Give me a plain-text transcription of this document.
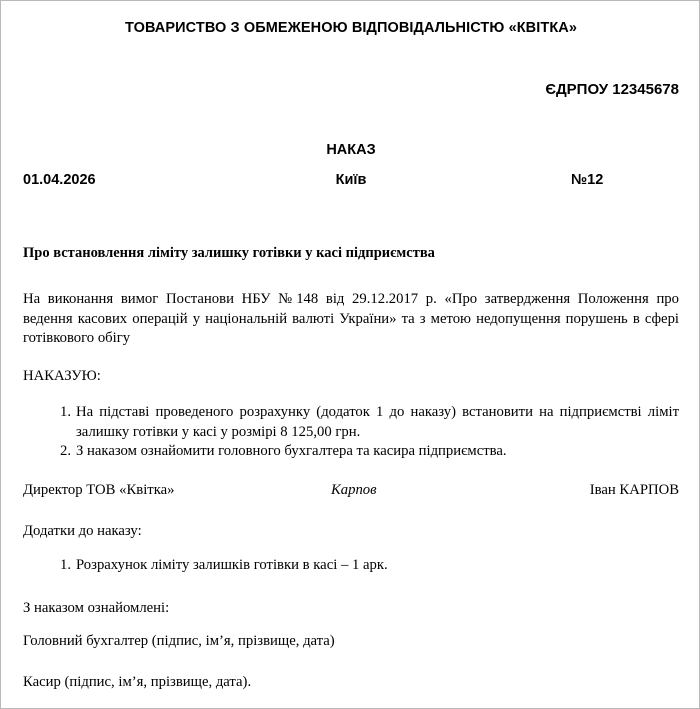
ТОВАРИСТВО З ОБМЕЖЕНОЮ ВІДПОВІДАЛЬНІСТЮ «КВІТКА»
ЄДРПОУ 12345678
НАКАЗ
01.04.2026	Київ	№12
Про встановлення ліміту залишку готівки у касі підприємства
На виконання вимог Постанови НБУ №148 від 29.12.2017 р. «Про затвердження Положення про ведення касових операцій у національній валюті України» та з метою недопущення порушень в сфері готівкового обігу
НАКАЗУЮ:
1. На підставі проведеного розрахунку (додаток 1 до наказу) встановити на підприємстві ліміт залишку готівки у касі у розмірі 8 125,00 грн.
2. З наказом ознайомити головного бухгалтера та касира підприємства.
Директор ТОВ «Квітка»	Карпов	Іван КАРПОВ
Додатки до наказу:
1. Розрахунок ліміту залишків готівки в касі – 1 арк.
З наказом ознайомлені:
Головний бухгалтер (підпис, ім’я, прізвище, дата)
Касир (підпис, ім’я, прізвище, дата).
